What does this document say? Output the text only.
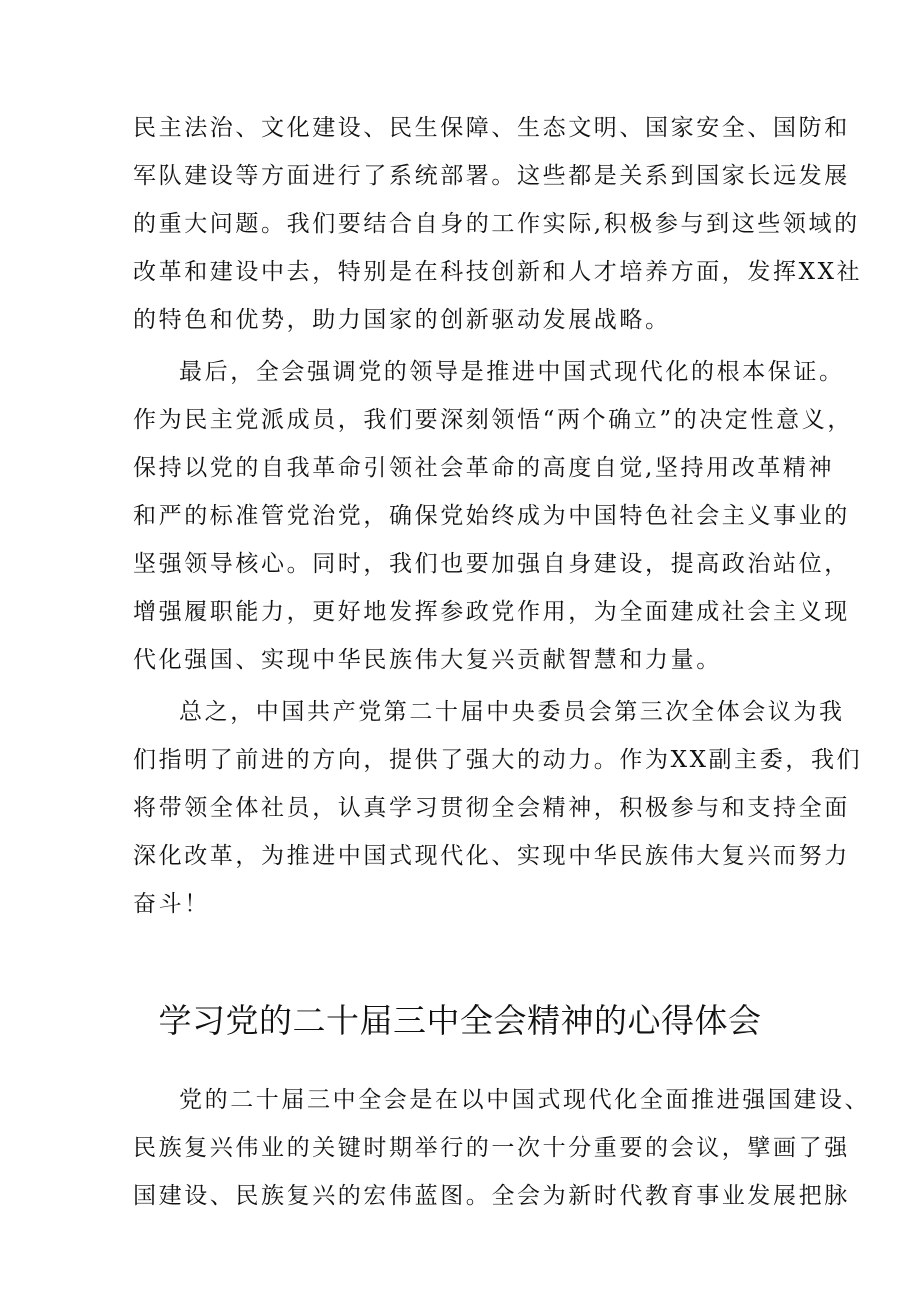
民主法治、文化建设、民生保障、生态文明、国家安全、国防和
军队建设等方面进行了系统部署。这些都是关系到国家长远发展
的重大问题。我们要结合自身的工作实际,积极参与到这些领域的
改革和建设中去，特别是在科技创新和人才培养方面，发挥XX社
的特色和优势，助力国家的创新驱动发展战略。
最后，全会强调党的领导是推进中国式现代化的根本保证。
作为民主党派成员，我们要深刻领悟“两个确立”的决定性意义，
保持以党的自我革命引领社会革命的高度自觉,坚持用改革精神
和严的标准管党治党，确保党始终成为中国特色社会主义事业的
坚强领导核心。同时，我们也要加强自身建设，提高政治站位，
增强履职能力，更好地发挥参政党作用，为全面建成社会主义现
代化强国、实现中华民族伟大复兴贡献智慧和力量。
总之，中国共产党第二十届中央委员会第三次全体会议为我
们指明了前进的方向，提供了强大的动力。作为XX副主委，我们
将带领全体社员，认真学习贯彻全会精神，积极参与和支持全面
深化改革，为推进中国式现代化、实现中华民族伟大复兴而努力
奋斗！
学习党的二十届三中全会精神的心得体会
党的二十届三中全会是在以中国式现代化全面推进强国建设、
民族复兴伟业的关键时期举行的一次十分重要的会议，擘画了强
国建设、民族复兴的宏伟蓝图。全会为新时代教育事业发展把脉
